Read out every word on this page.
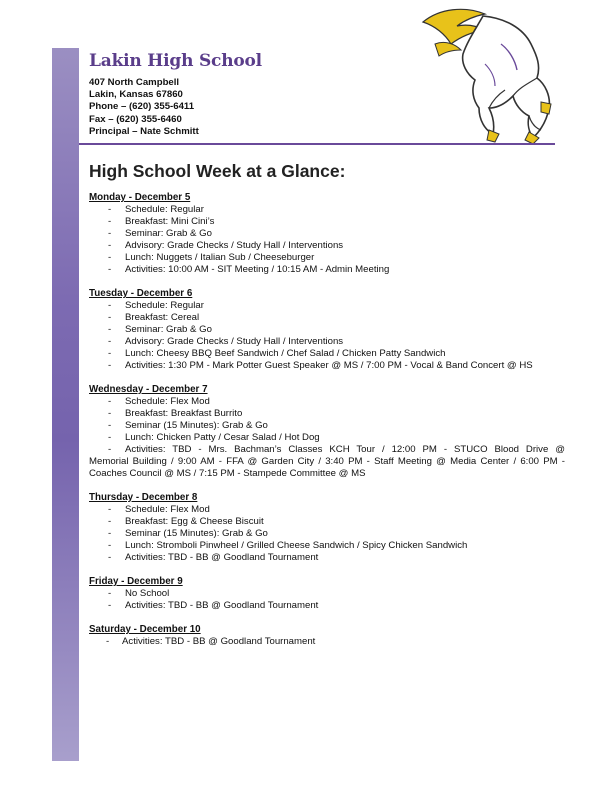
Lakin High School
407 North Campbell
Lakin, Kansas 67860
Phone – (620) 355-6411
Fax – (620) 355-6460
Principal – Nate Schmitt
High School Week at a Glance:
Monday - December 5
- Schedule: Regular
- Breakfast: Mini Cini’s
- Seminar: Grab & Go
- Advisory: Grade Checks / Study Hall / Interventions
- Lunch: Nuggets / Italian Sub / Cheeseburger
- Activities: 10:00 AM - SIT Meeting / 10:15 AM - Admin Meeting
Tuesday - December 6
- Schedule: Regular
- Breakfast: Cereal
- Seminar: Grab & Go
- Advisory: Grade Checks / Study Hall / Interventions
- Lunch: Cheesy BBQ Beef Sandwich / Chef Salad / Chicken Patty Sandwich
- Activities: 1:30 PM - Mark Potter Guest Speaker @ MS / 7:00 PM - Vocal & Band Concert @ HS
Wednesday - December 7
- Schedule: Flex Mod
- Breakfast: Breakfast Burrito
- Seminar (15 Minutes): Grab & Go
- Lunch: Chicken Patty / Cesar Salad / Hot Dog
- Activities: TBD - Mrs. Bachman’s Classes KCH Tour / 12:00 PM - STUCO Blood Drive @
Memorial Building / 9:00 AM - FFA @ Garden City / 3:40 PM - Staff Meeting @ Media Center / 6:00 PM - Coaches Council @ MS / 7:15 PM - Stampede Committee @ MS
Thursday - December 8
- Schedule: Flex Mod
- Breakfast: Egg & Cheese Biscuit
- Seminar (15 Minutes): Grab & Go
- Lunch: Stromboli Pinwheel / Grilled Cheese Sandwich / Spicy Chicken Sandwich
- Activities: TBD - BB @ Goodland Tournament
Friday - December 9
- No School
- Activities: TBD - BB @ Goodland Tournament
Saturday - December 10
- Activities: TBD - BB @ Goodland Tournament
